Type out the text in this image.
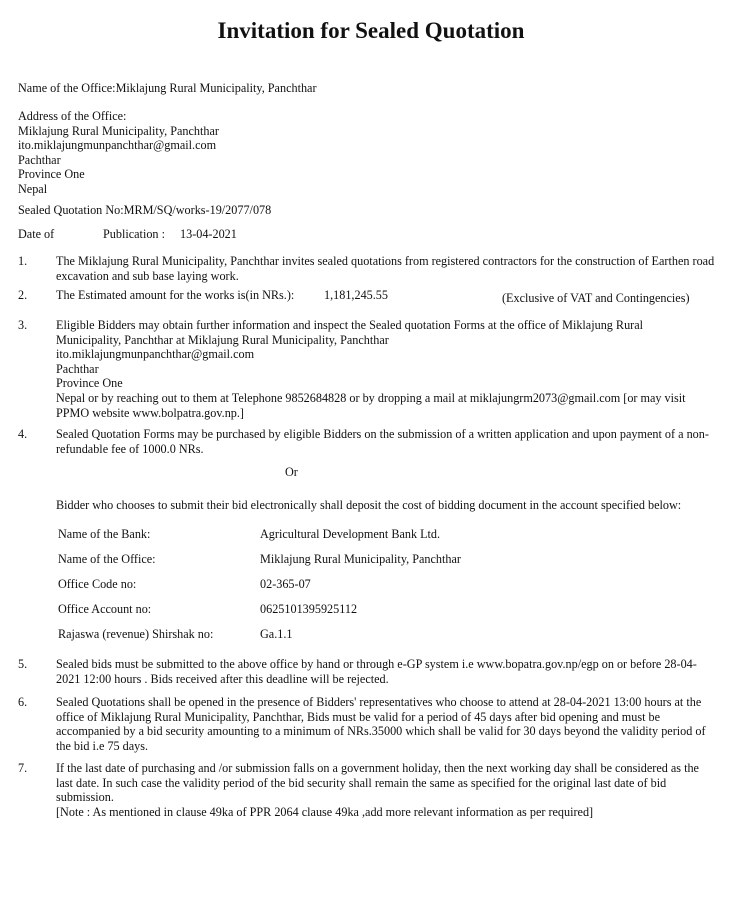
Invitation for Sealed Quotation
Name of the Office:Miklajung Rural Municipality, Panchthar
Address of the Office:
Miklajung Rural Municipality, Panchthar
ito.miklajungmunpanchthar@gmail.com
Pachthar
Province One
Nepal
Sealed Quotation No:MRM/SQ/works-19/2077/078
Date of	Publication : 13-04-2021
1. The Miklajung Rural Municipality, Panchthar invites sealed quotations from registered contractors for the construction of Earthen road excavation and sub base laying work.
2. The Estimated amount for the works is(in NRs.): 1,181,245.55	(Exclusive of VAT and Contingencies)
3. Eligible Bidders may obtain further information and inspect the Sealed quotation Forms at the office of Miklajung Rural
Municipality, Panchthar at Miklajung Rural Municipality, Panchthar
ito.miklajungmunpanchthar@gmail.com
Pachthar
Province One
Nepal or by reaching out to them at Telephone 9852684828 or by dropping a mail at miklajungrm2073@gmail.com [or may visit
PPMO website www.bolpatra.gov.np.]
4. Sealed Quotation Forms may be purchased by eligible Bidders on the submission of a written application and upon payment of a non-refundable fee of 1000.0 NRs.
Or
Bidder who chooses to submit their bid electronically shall deposit the cost of bidding document in the account specified below:
Name of the Bank:	Agricultural Development Bank Ltd.
Name of the Office:	Miklajung Rural Municipality, Panchthar
Office Code no:	02-365-07
Office Account no:	0625101395925112
Rajaswa (revenue) Shirshak no:	Ga.1.1
5. Sealed bids must be submitted to the above office by hand or through e-GP system i.e www.bopatra.gov.np/egp on or before 28-04-2021 12:00 hours . Bids received after this deadline will be rejected.
6. Sealed Quotations shall be opened in the presence of Bidders' representatives who choose to attend at 28-04-2021 13:00 hours at the office of Miklajung Rural Municipality, Panchthar, Bids must be valid for a period of 45 days after bid opening and must be accompanied by a bid security amounting to a minimum of NRs.35000 which shall be valid for 30 days beyond the validity period of the bid i.e 75 days.
7. If the last date of purchasing and /or submission falls on a government holiday, then the next working day shall be considered as the last date. In such case the validity period of the bid security shall remain the same as specified for the original last date of bid submission.
[Note : As mentioned in clause 49ka of PPR 2064 clause 49ka ,add more relevant information as per required]
